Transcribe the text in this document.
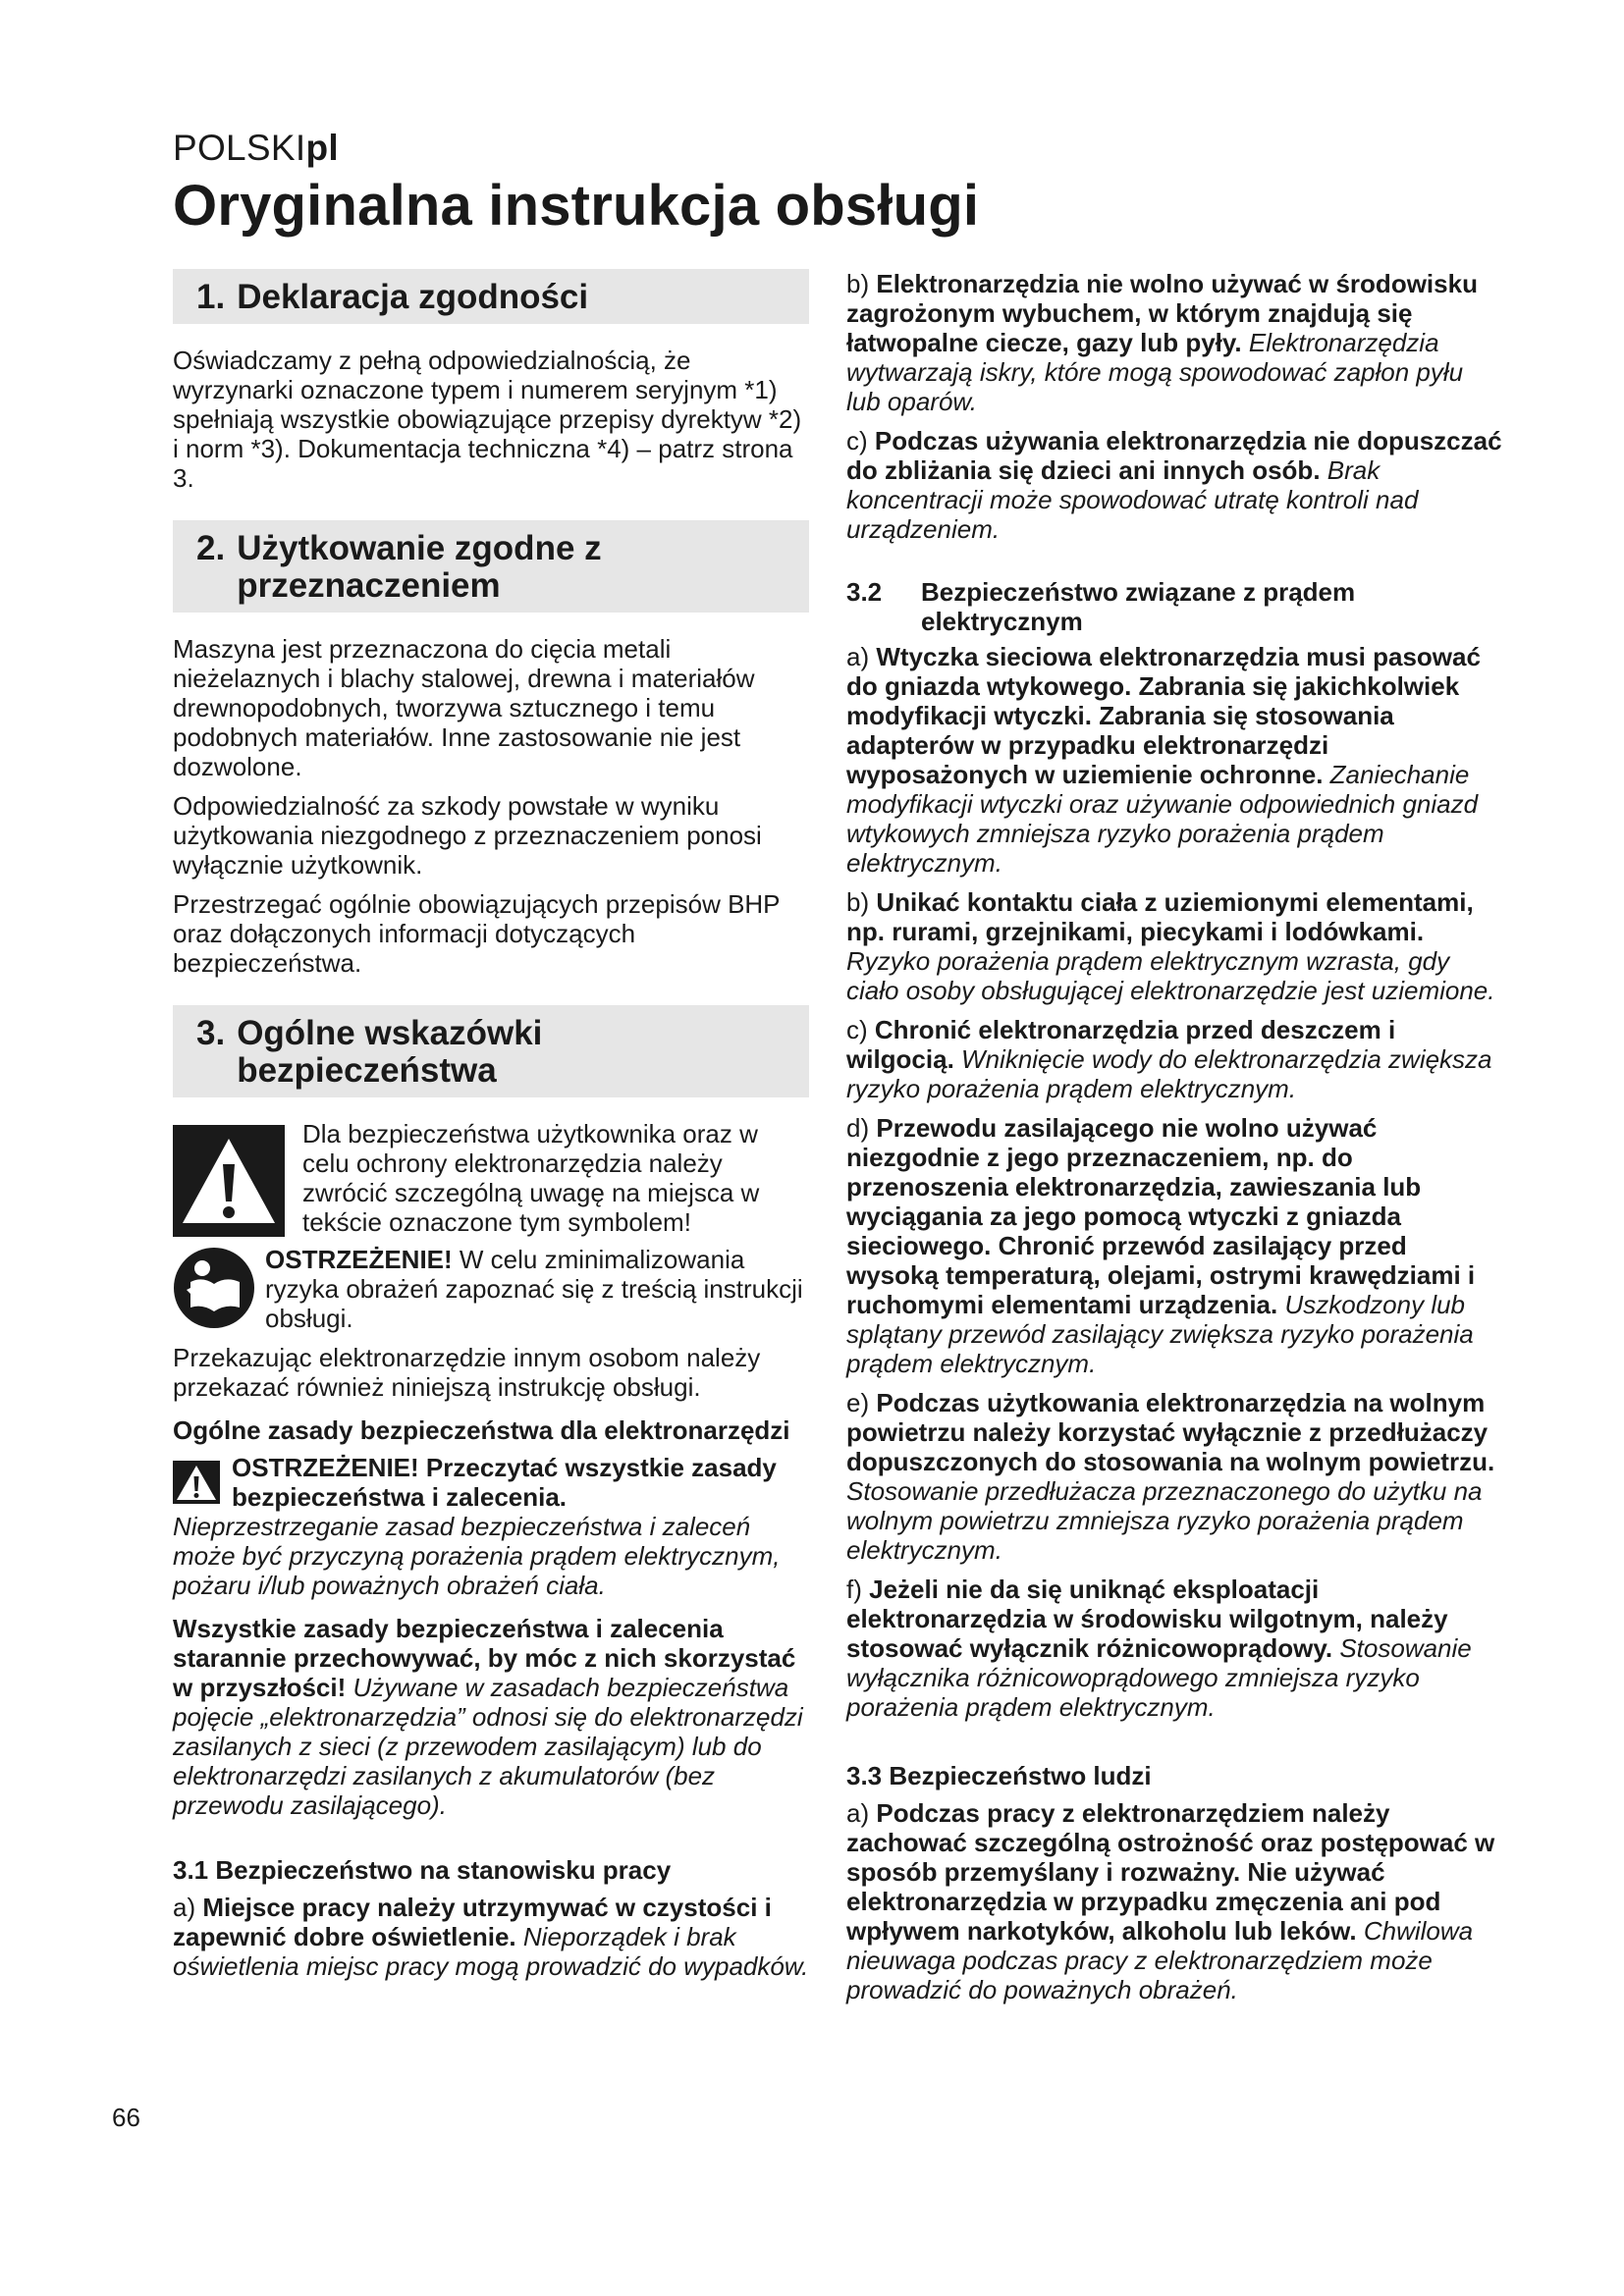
POLSKIpl
Oryginalna instrukcja obsługi
1. Deklaracja zgodności

Oświadczamy z pełną odpowiedzialnością, że wyrzynarki oznaczone typem i numerem seryjnym *1) spełniają wszystkie obowiązujące przepisy dyrektyw *2) i norm *3). Dokumentacja techniczna *4) – patrz strona 3.

2. Użytkowanie zgodne z przeznaczeniem

Maszyna jest przeznaczona do cięcia metali nieżelaznych i blachy stalowej, drewna i materiałów drewnopodobnych, tworzywa sztucznego i temu podobnych materiałów. Inne zastosowanie nie jest dozwolone.

Odpowiedzialność za szkody powstałe w wyniku użytkowania niezgodnego z przeznaczeniem ponosi wyłącznie użytkownik.

Przestrzegać ogólnie obowiązujących przepisów BHP oraz dołączonych informacji dotyczących bezpieczeństwa.

3. Ogólne wskazówki bezpieczeństwa

Dla bezpieczeństwa użytkownika oraz w celu ochrony elektronarzędzia należy zwrócić szczególną uwagę na miejsca w tekście oznaczone tym symbolem!

OSTRZEŻENIE! W celu zminimalizowania ryzyka obrażeń zapoznać się z treścią instrukcji obsługi.

Przekazując elektronarzędzie innym osobom należy przekazać również niniejszą instrukcję obsługi.

Ogólne zasady bezpieczeństwa dla elektronarzędzi

OSTRZEŻENIE! Przeczytać wszystkie zasady bezpieczeństwa i zalecenia.

Nieprzestrzeganie zasad bezpieczeństwa i zaleceń może być przyczyną porażenia prądem elektrycznym, pożaru i/lub poważnych obrażeń ciała.

Wszystkie zasady bezpieczeństwa i zalecenia starannie przechowywać, by móc z nich skorzystać w przyszłości! Używane w zasadach bezpieczeństwa pojęcie „elektronarzędzia” odnosi się do elektronarzędzi zasilanych z sieci (z przewodem zasilającym) lub do elektronarzędzi zasilanych z akumulatorów (bez przewodu zasilającego).

3.1 Bezpieczeństwo na stanowisku pracy

a) Miejsce pracy należy utrzymywać w czystości i zapewnić dobre oświetlenie. Nieporządek i brak oświetlenia miejsc pracy mogą prowadzić do wypadków.

b) Elektronarzędzia nie wolno używać w środowisku zagrożonym wybuchem, w którym znajdują się łatwopalne ciecze, gazy lub pyły. Elektronarzędzia wytwarzają iskry, które mogą spowodować zapłon pyłu lub oparów.

c) Podczas używania elektronarzędzia nie dopuszczać do zbliżania się dzieci ani innych osób. Brak koncentracji może spowodować utratę kontroli nad urządzeniem.

3.2	Bezpieczeństwo związane z prądem elektrycznym

a) Wtyczka sieciowa elektronarzędzia musi pasować do gniazda wtykowego. Zabrania się jakichkolwiek modyfikacji wtyczki. Zabrania się stosowania adapterów w przypadku elektronarzędzi wyposażonych w uziemienie ochronne. Zaniechanie modyfikacji wtyczki oraz używanie odpowiednich gniazd wtykowych zmniejsza ryzyko porażenia prądem elektrycznym.

b) Unikać kontaktu ciała z uziemionymi elementami, np. rurami, grzejnikami, piecykami i lodówkami. Ryzyko porażenia prądem elektrycznym wzrasta, gdy ciało osoby obsługującej elektronarzędzie jest uziemione.

c) Chronić elektronarzędzia przed deszczem i wilgocią. Wniknięcie wody do elektronarzędzia zwiększa ryzyko porażenia prądem elektrycznym.

d) Przewodu zasilającego nie wolno używać niezgodnie z jego przeznaczeniem, np. do przenoszenia elektronarzędzia, zawieszania lub wyciągania za jego pomocą wtyczki z gniazda sieciowego. Chronić przewód zasilający przed wysoką temperaturą, olejami, ostrymi krawędziami i ruchomymi elementami urządzenia. Uszkodzony lub splątany przewód zasilający zwiększa ryzyko porażenia prądem elektrycznym.

e) Podczas użytkowania elektronarzędzia na wolnym powietrzu należy korzystać wyłącznie z przedłużaczy dopuszczonych do stosowania na wolnym powietrzu. Stosowanie przedłużacza przeznaczonego do użytku na wolnym powietrzu zmniejsza ryzyko porażenia prądem elektrycznym.

f) Jeżeli nie da się uniknąć eksploatacji elektronarzędzia w środowisku wilgotnym, należy stosować wyłącznik różnicowoprądowy. Stosowanie wyłącznika różnicowoprądowego zmniejsza ryzyko porażenia prądem elektrycznym.

3.3 Bezpieczeństwo ludzi

a) Podczas pracy z elektronarzędziem należy zachować szczególną ostrożność oraz postępować w sposób przemyślany i rozważny. Nie używać elektronarzędzia w przypadku zmęczenia ani pod wpływem narkotyków, alkoholu lub leków. Chwilowa nieuwaga podczas pracy z elektronarzędziem może prowadzić do poważnych obrażeń.

66
